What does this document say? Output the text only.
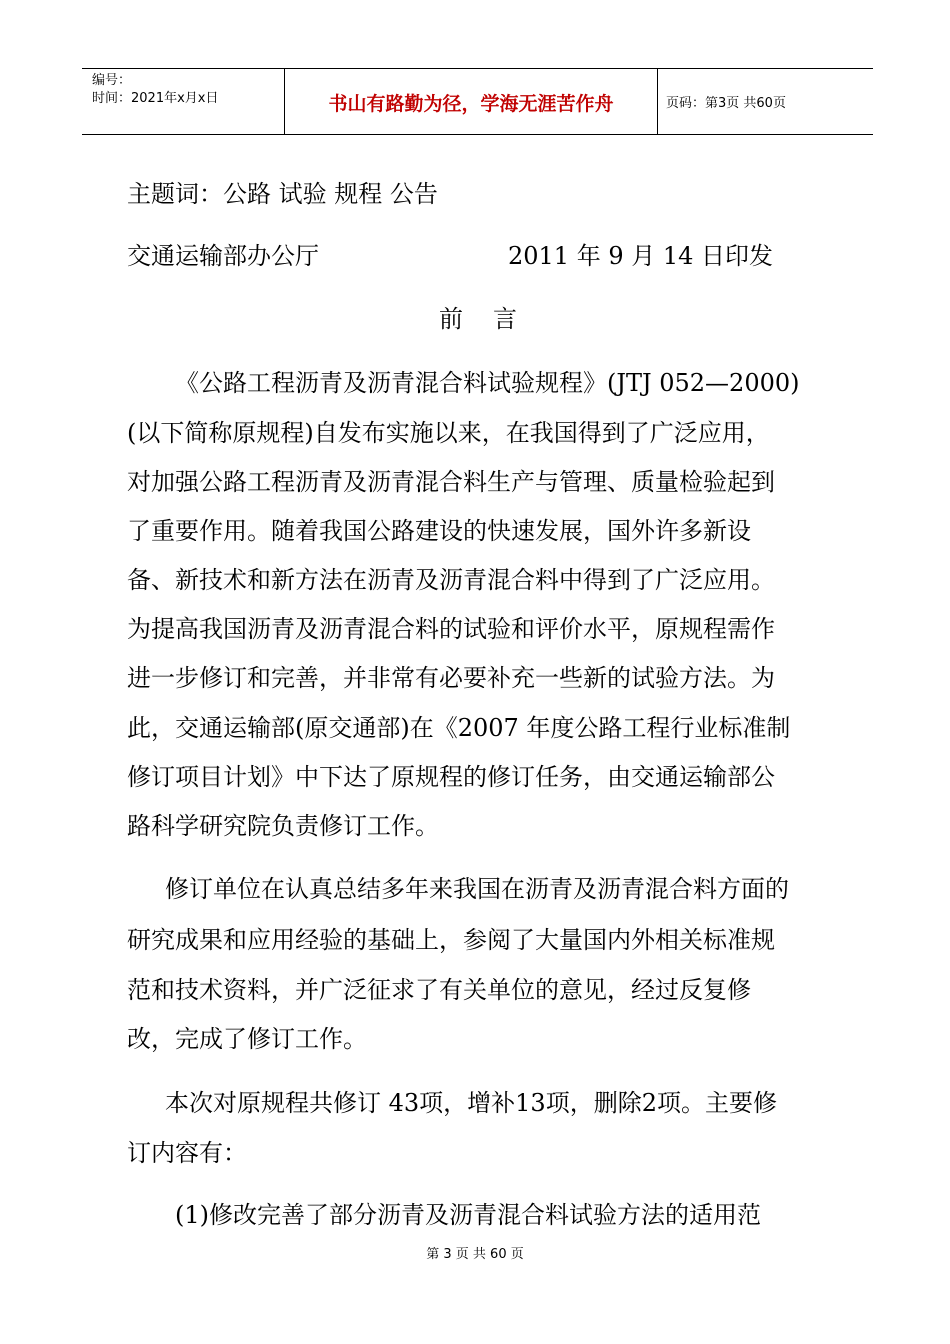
编号：
时间：2021年x月x日	书山有路勤为径，学海无涯苦作舟	页码：第3页 共60页
主题词：公路 试验 规程 公告
交通运输部办公厅	2011 年 9 月 14 日印发
前言
《公路工程沥青及沥青混合料试验规程》(JTJ 052—2000)
(以下简称原规程)自发布实施以来，在我国得到了广泛应用，
对加强公路工程沥青及沥青混合料生产与管理、质量检验起到
了重要作用。随着我国公路建设的快速发展，国外许多新设
备、新技术和新方法在沥青及沥青混合料中得到了广泛应用。
为提高我国沥青及沥青混合料的试验和评价水平，原规程需作
进一步修订和完善，并非常有必要补充一些新的试验方法。为
此，交通运输部(原交通部)在《2007 年度公路工程行业标准制
修订项目计划》中下达了原规程的修订任务，由交通运输部公
路科学研究院负责修订工作。
修订单位在认真总结多年来我国在沥青及沥青混合料方面的
研究成果和应用经验的基础上，参阅了大量国内外相关标准规
范和技术资料，并广泛征求了有关单位的意见，经过反复修
改，完成了修订工作。
本次对原规程共修订 43项，增补13项，删除2项。主要修
订内容有：
(1)修改完善了部分沥青及沥青混合料试验方法的适用范
第 3 页 共 60 页
